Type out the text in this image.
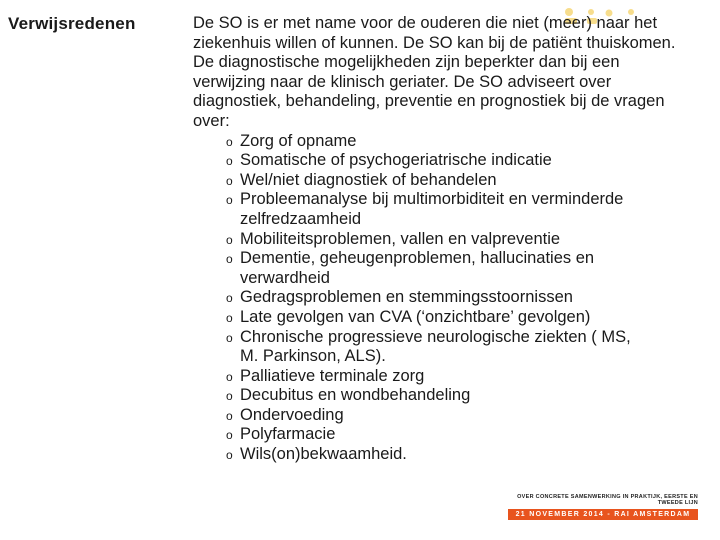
Verwijsredenen	De SO is er met name voor de ouderen die niet (meer) naar het
ziekenhuis willen of kunnen. De SO kan bij de patiënt thuiskomen.
De diagnostische mogelijkheden zijn beperkter dan bij een
verwijzing naar de klinisch geriater. De SO adviseert over
diagnostiek, behandeling, preventie en prognostiek bij de vragen
over:

o Zorg of opname
o Somatische of psychogeriatrische indicatie
o Wel/niet diagnostiek of behandelen
o Probleemanalyse bij multimorbiditeit en verminderde
zelfredzaamheid
o Mobiliteitsproblemen, vallen en valpreventie
o Dementie, geheugenproblemen, hallucinaties en
verwardheid
o Gedragsproblemen en stemmingsstoornissen
o Late gevolgen van CVA (‘onzichtbare’ gevolgen)
o Chronische progressieve neurologische ziekten ( MS,
M. Parkinson, ALS).
o Palliatieve terminale zorg
o Decubitus en wondbehandeling
o Ondervoeding
o Polyfarmacie
o Wils(on)bekwaamheid.
OVER CONCRETE SAMENWERKING IN PRAKTIJK, EERSTE EN TWEEDE LIJN
21 NOVEMBER 2014 - RAI AMSTERDAM
